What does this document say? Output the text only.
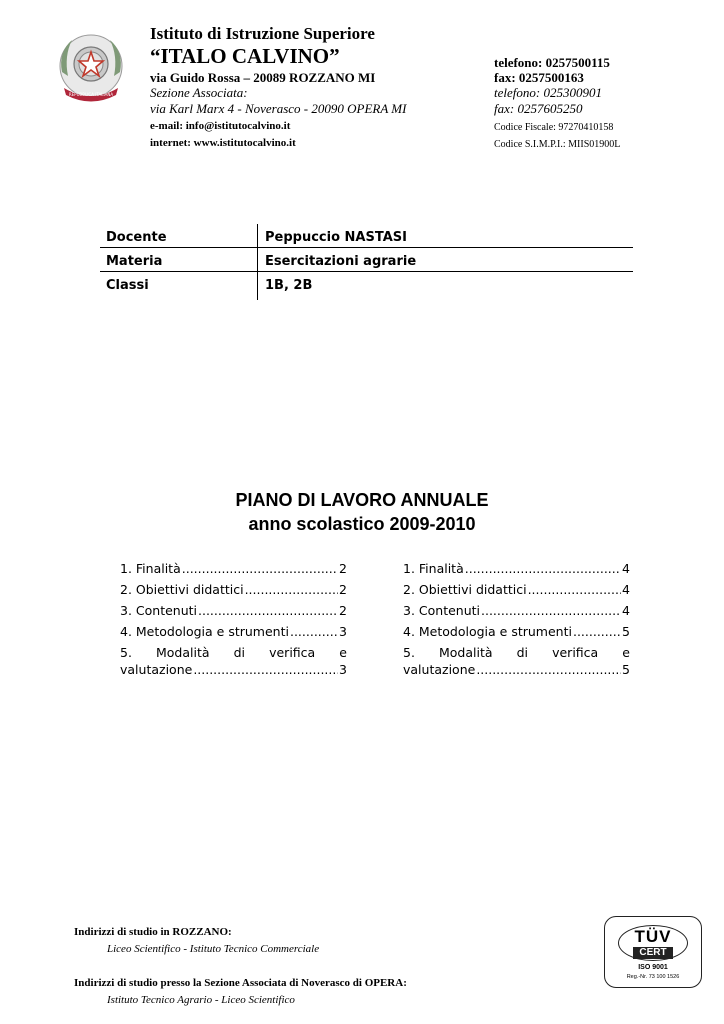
REPUBBLICA ITALIANA
Istituto di Istruzione Superiore
“ITALO CALVINO”
via Guido Rossa – 20089 ROZZANO MI
Sezione Associata:
via Karl Marx 4 - Noverasco - 20090 OPERA MI
e-mail: info@istitutocalvino.it
internet: www.istitutocalvino.it
telefono: 0257500115
fax: 0257500163
telefono: 025300901
fax: 0257605250
Codice Fiscale: 97270410158
Codice S.I.M.P.I.: MIIS01900L
Docente	Peppuccio NASTASI
Materia	Esercitazioni agrarie
Classi	1B, 2B
PIANO DI LAVORO ANNUALE
anno scolastico 2009-2010
1. Finalità .....	2
2. Obiettivi didattici .....	2
3. Contenuti .....	2
4. Metodologia e strumenti .....	3
5. Modalità di verifica e
valutazione .....	3
1. Finalità .....	4
2. Obiettivi didattici .....	4
3. Contenuti .....	4
4. Metodologia e strumenti .....	5
5. Modalità di verifica e
valutazione .....	5
Indirizzi di studio in ROZZANO:
Liceo Scientifico - Istituto Tecnico Commerciale
Indirizzi di studio presso la Sezione Associata di Noverasco di OPERA:
Istituto Tecnico Agrario - Liceo Scientifico
TÜV
CERT
ISO 9001
Reg.-Nr. 73 100 1526
